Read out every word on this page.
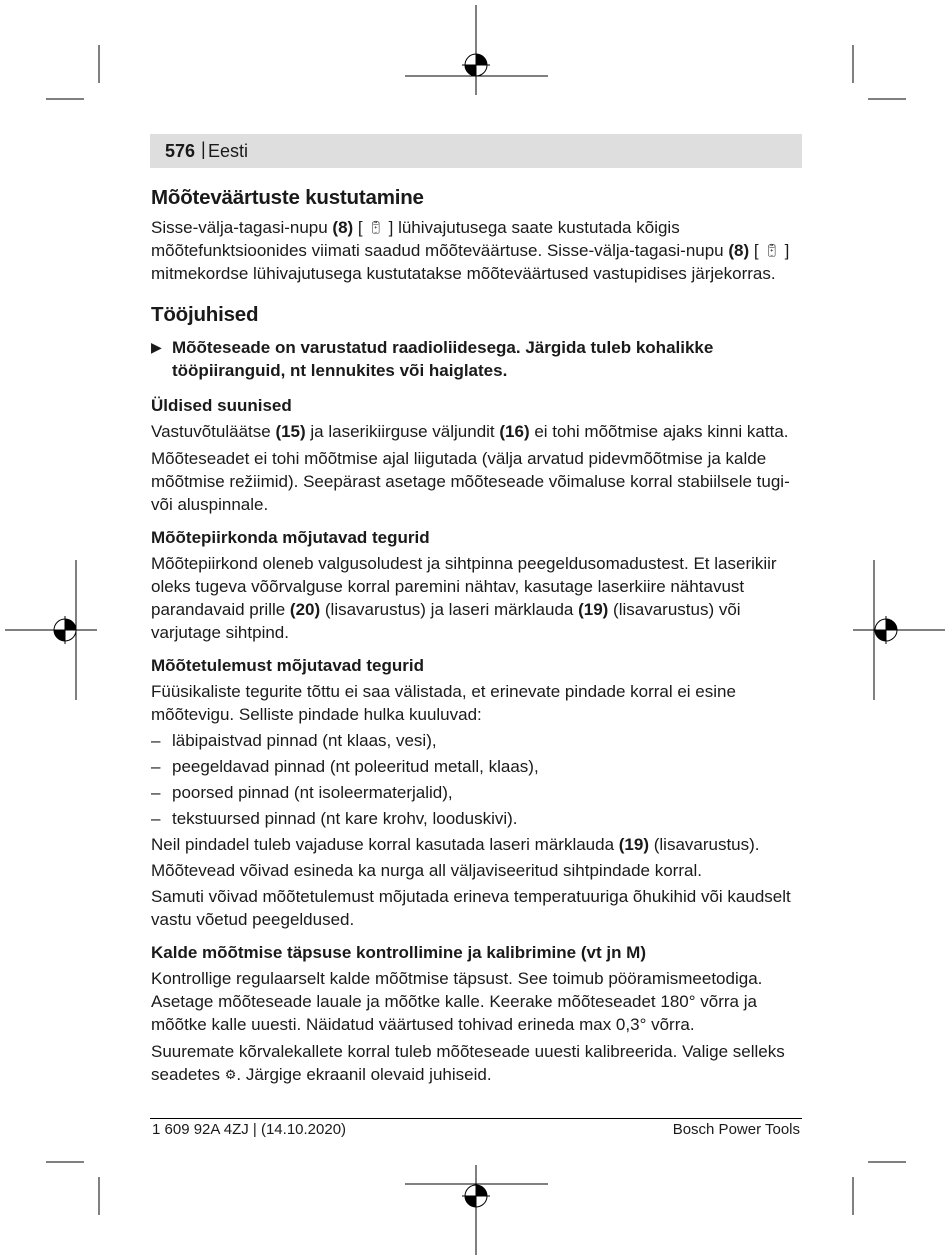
576 | Eesti
Mõõteväärtuste kustutamine

Sisse-välja-tagasi-nupu (8) [ 🔋︎ ] lühivajutusega saate kustutada kõigis mõõtefunktsioonides viimati saadud mõõteväärtuse. Sisse-välja-tagasi-nupu (8) [ 🔋︎ ] mitmekordse lühivajutusega kustutatakse mõõteväärtused vastupidises järjekorras.

Tööjuhised

▶ Mõõteseade on varustatud raadioliidesega. Järgida tuleb kohalikke tööpiiranguid, nt lennukites või haiglates.

Üldised suunised

Vastuvõtuläätse (15) ja laserikiirguse väljundit (16) ei tohi mõõtmise ajaks kinni katta.

Mõõteseadet ei tohi mõõtmise ajal liigutada (välja arvatud pidevmõõtmise ja kalde mõõtmise režiimid). Seepärast asetage mõõteseade võimaluse korral stabiilsele tugi- või aluspinnale.

Mõõtepiirkonda mõjutavad tegurid

Mõõtepiirkond oleneb valgusoludest ja sihtpinna peegeldusomadustest. Et laserikiir oleks tugeva võõrvalguse korral paremini nähtav, kasutage laserkiire nähtavust parandavaid prille (20) (lisavarustus) ja laseri märklauda (19) (lisavarustus) või varjutage sihtpind.

Mõõtetulemust mõjutavad tegurid

Füüsikaliste tegurite tõttu ei saa välistada, et erinevate pindade korral ei esine mõõtevigu. Selliste pindade hulka kuuluvad:

– läbipaistvad pinnad (nt klaas, vesi),
– peegeldavad pinnad (nt poleeritud metall, klaas),
– poorsed pinnad (nt isoleermaterjalid),
– tekstuursed pinnad (nt kare krohv, looduskivi).

Neil pindadel tuleb vajaduse korral kasutada laseri märklauda (19) (lisavarustus).

Mõõtevead võivad esineda ka nurga all väljaviseeritud sihtpindade korral.

Samuti võivad mõõtetulemust mõjutada erineva temperatuuriga õhukihid või kaudselt vastu võetud peegeldused.

Kalde mõõtmise täpsuse kontrollimine ja kalibrimine (vt jn M)

Kontrollige regulaarselt kalde mõõtmise täpsust. See toimub pööramismeetodiga. Asetage mõõteseade lauale ja mõõtke kalle. Keerake mõõteseadet 180° võrra ja mõõtke kalle uuesti. Näidatud väärtused tohivad erineda max 0,3° võrra.

Suuremate kõrvalekallete korral tuleb mõõteseade uuesti kalibreerida. Valige selleks seadetes ⚙. Järgige ekraanil olevaid juhiseid.

1 609 92A 4ZJ | (14.10.2020)	Bosch Power Tools
